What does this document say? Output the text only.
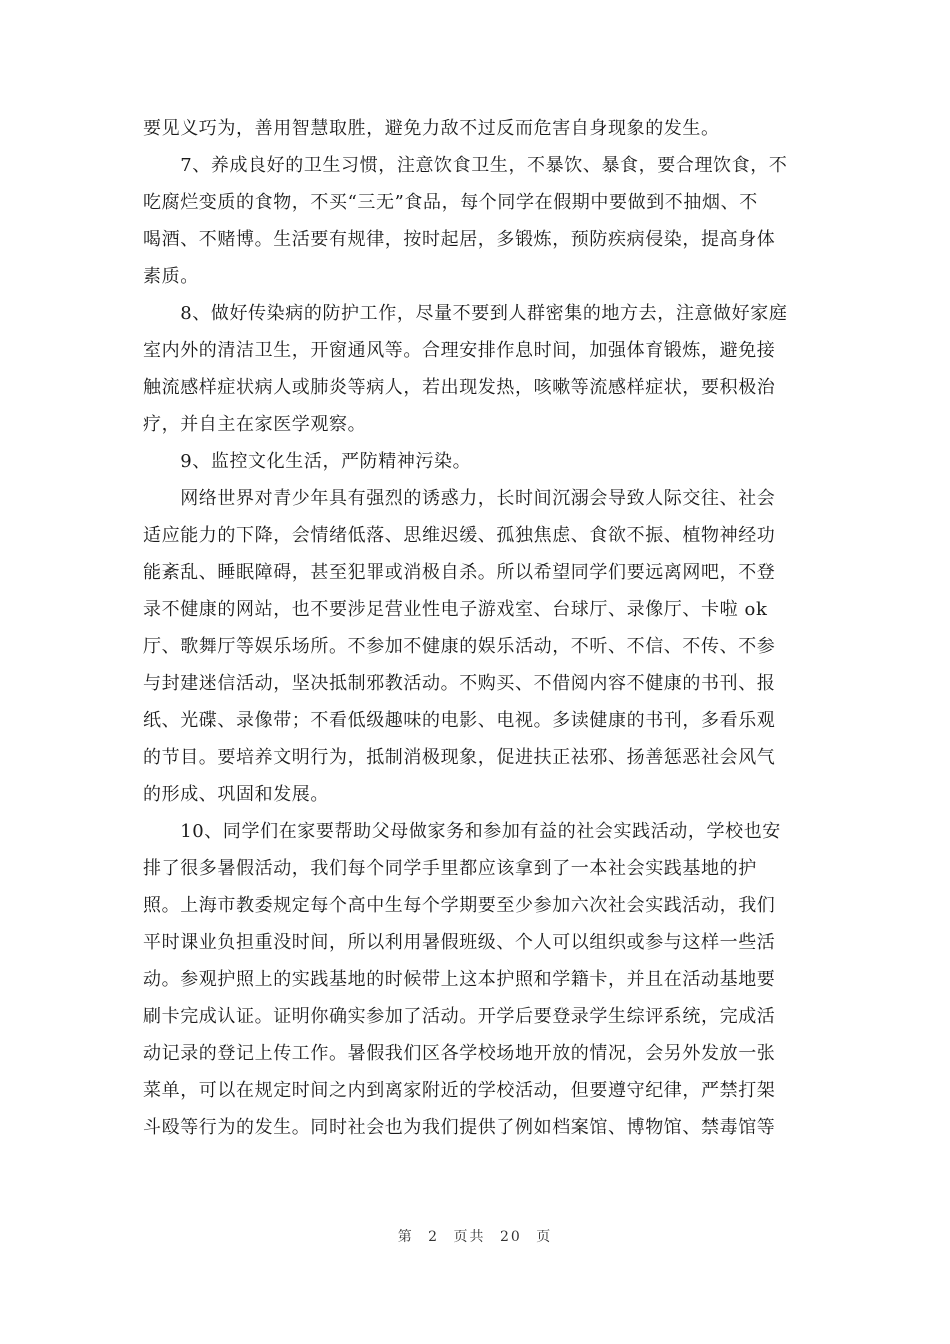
要见义巧为，善用智慧取胜，避免力敌不过反而危害自身现象的发生。
　　7、养成良好的卫生习惯，注意饮食卫生，不暴饮、暴食，要合理饮食，不
吃腐烂变质的食物，不买“三无”食品，每个同学在假期中要做到不抽烟、不
喝酒、不赌博。生活要有规律，按时起居，多锻炼，预防疾病侵染，提高身体
素质。
　　8、做好传染病的防护工作，尽量不要到人群密集的地方去，注意做好家庭
室内外的清洁卫生，开窗通风等。合理安排作息时间，加强体育锻炼，避免接
触流感样症状病人或肺炎等病人，若出现发热，咳嗽等流感样症状，要积极治
疗，并自主在家医学观察。
　　9、监控文化生活，严防精神污染。
　　网络世界对青少年具有强烈的诱惑力，长时间沉溺会导致人际交往、社会
适应能力的下降，会情绪低落、思维迟缓、孤独焦虑、食欲不振、植物神经功
能紊乱、睡眠障碍，甚至犯罪或消极自杀。所以希望同学们要远离网吧，不登
录不健康的网站，也不要涉足营业性电子游戏室、台球厅、录像厅、卡啦 ok
厅、歌舞厅等娱乐场所。不参加不健康的娱乐活动，不听、不信、不传、不参
与封建迷信活动，坚决抵制邪教活动。不购买、不借阅内容不健康的书刊、报
纸、光碟、录像带；不看低级趣味的电影、电视。多读健康的书刊，多看乐观
的节目。要培养文明行为，抵制消极现象，促进扶正祛邪、扬善惩恶社会风气
的形成、巩固和发展。
　　10、同学们在家要帮助父母做家务和参加有益的社会实践活动，学校也安
排了很多暑假活动，我们每个同学手里都应该拿到了一本社会实践基地的护
照。上海市教委规定每个高中生每个学期要至少参加六次社会实践活动，我们
平时课业负担重没时间，所以利用暑假班级、个人可以组织或参与这样一些活
动。参观护照上的实践基地的时候带上这本护照和学籍卡，并且在活动基地要
刷卡完成认证。证明你确实参加了活动。开学后要登录学生综评系统，完成活
动记录的登记上传工作。暑假我们区各学校场地开放的情况，会另外发放一张
菜单，可以在规定时间之内到离家附近的学校活动，但要遵守纪律，严禁打架
斗殴等行为的发生。同时社会也为我们提供了例如档案馆、博物馆、禁毒馆等
第 2 页共 20 页
